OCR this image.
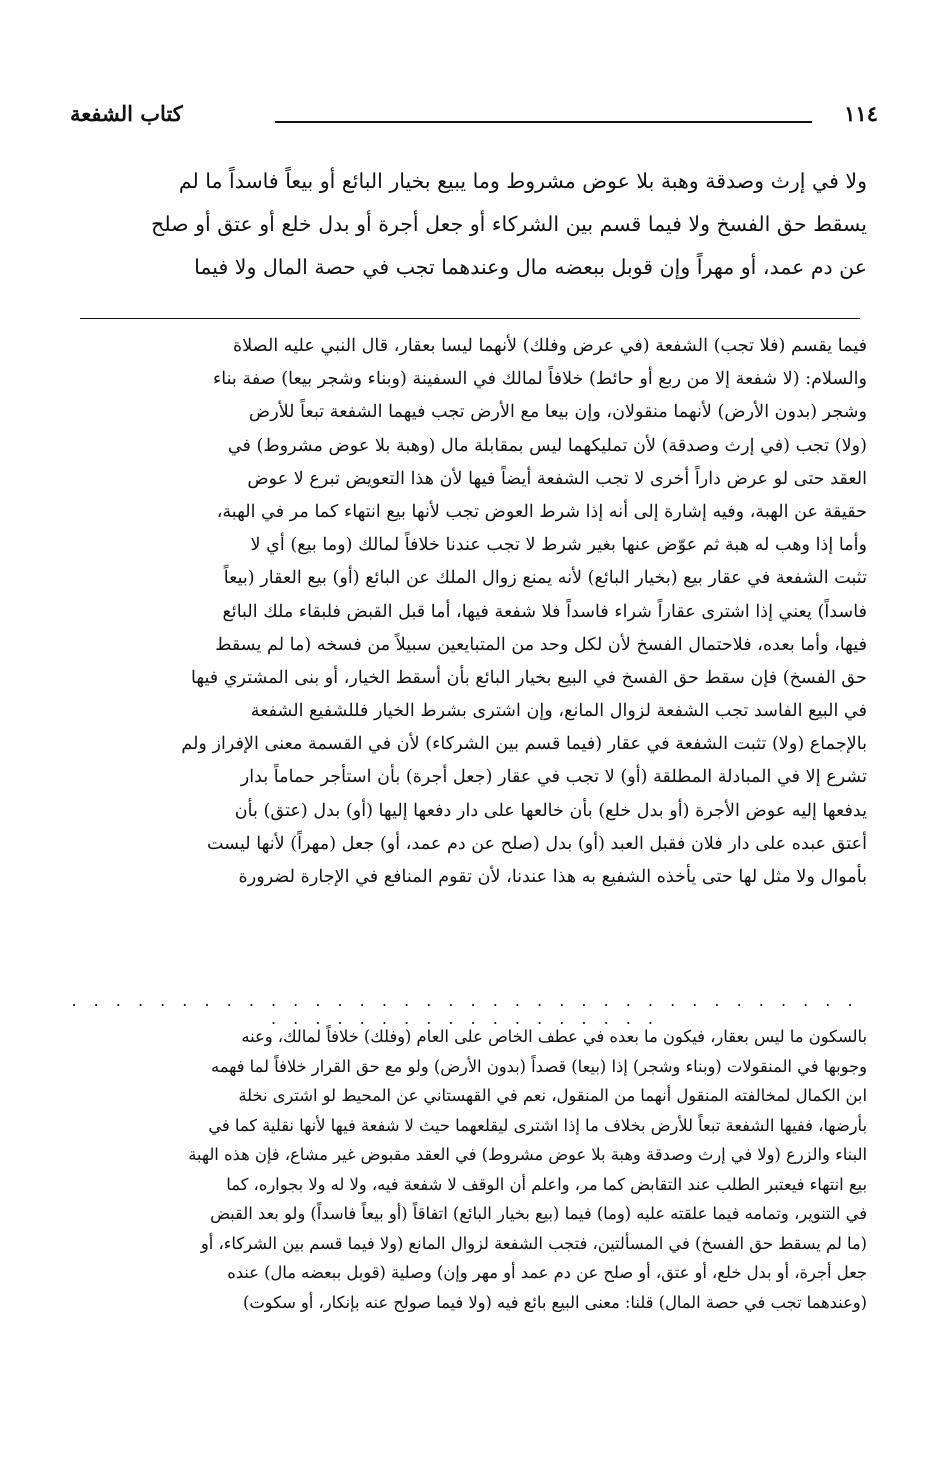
١١٤
كتاب الشفعة
ولا في إرث وصدقة وهبة بلا عوض مشروط وما يبيع بخيار البائع أو بيعاً فاسداً ما لم
يسقط حق الفسخ ولا فيما قسم بين الشركاء أو جعل أجرة أو بدل خلع أو عتق أو صلح
عن دم عمد، أو مهراً وإن قوبل ببعضه مال وعندهما تجب في حصة المال ولا فيما
فيما يقسم (فلا تجب) الشفعة (في عرض وفلك) لأنهما ليسا بعقار، قال النبي عليه الصلاة
والسلام: (لا شفعة إلا من ربع أو حائط) خلافاً لمالك في السفينة (وبناء وشجر بيعا) صفة بناء
وشجر (بدون الأرض) لأنهما منقولان، وإن بيعا مع الأرض تجب فيهما الشفعة تبعاً للأرض
(ولا) تجب (في إرث وصدقة) لأن تمليكهما ليس بمقابلة مال (وهبة بلا عوض مشروط) في
العقد حتى لو عرض داراً أخرى لا تجب الشفعة أيضاً فيها لأن هذا التعويض تبرع لا عوض
حقيقة عن الهبة، وفيه إشارة إلى أنه إذا شرط العوض تجب لأنها بيع انتهاء كما مر في الهبة،
وأما إذا وهب له هبة ثم عوّض عنها بغير شرط لا تجب عندنا خلافاً لمالك (وما بيع) أي لا
تثبت الشفعة في عقار بيع (بخيار البائع) لأنه يمنع زوال الملك عن البائع (أو) بيع العقار (بيعاً
فاسداً) يعني إذا اشترى عقاراً شراء فاسداً فلا شفعة فيها، أما قبل القبض فلبقاء ملك البائع
فيها، وأما بعده، فلاحتمال الفسخ لأن لكل وحد من المتبايعين سبيلاً من فسخه (ما لم يسقط
حق الفسخ) فإن سقط حق الفسخ في البيع بخيار البائع بأن أسقط الخيار، أو بنى المشتري فيها
في البيع الفاسد تجب الشفعة لزوال المانع، وإن اشترى بشرط الخيار فللشفيع الشفعة
بالإجماع (ولا) تثبت الشفعة في عقار (فيما قسم بين الشركاء) لأن في القسمة معنى الإفراز ولم
تشرع إلا في المبادلة المطلقة (أو) لا تجب في عقار (جعل أجرة) بأن استأجر حماماً بدار
يدفعها إليه عوض الأجرة (أو بدل خلع) بأن خالعها على دار دفعها إليها (أو) بدل (عتق) بأن
أعتق عبده على دار فلان فقبل العبد (أو) بدل (صلح عن دم عمد، أو) جعل (مهراً) لأنها ليست
بأموال ولا مثل لها حتى يأخذه الشفيع به هذا عندنا، لأن تقوم المنافع في الإجارة لضرورة
. . . . . . . . . . . . . . . . . . . . . . . . . . . . . . . . . . . . . . . . . . . . . . . . . . . . . .
بالسكون ما ليس بعقار، فيكون ما بعده في عطف الخاص على العام (وفلك) خلافاً لمالك، وعنه
وجوبها في المنقولات (وبناء وشجر) إذا (بيعا) قصداً (بدون الأرض) ولو مع حق القرار خلافاً لما فهمه
ابن الكمال لمخالفته المنقول أنهما من المنقول، نعم في القهستاني عن المحيط لو اشترى نخلة
بأرضها، ففيها الشفعة تبعاً للأرض بخلاف ما إذا اشترى ليقلعهما حيث لا شفعة فيها لأنها نقلية كما في
البناء والزرع (ولا في إرث وصدقة وهبة بلا عوض مشروط) في العقد مقبوض غير مشاع، فإن هذه الهبة
بيع انتهاء فيعتبر الطلب عند التقابض كما مر، واعلم أن الوقف لا شفعة فيه، ولا له ولا بجواره، كما
في التنوير، وتمامه فيما علقته عليه (وما) فيما (بيع بخيار البائع) اتفاقاً (أو بيعاً فاسداً) ولو بعد القبض
(ما لم يسقط حق الفسخ) في المسألتين، فتجب الشفعة لزوال المانع (ولا فيما قسم بين الشركاء، أو
جعل أجرة، أو بدل خلع، أو عتق، أو صلح عن دم عمد أو مهر وإن) وصلية (قوبل ببعضه مال) عنده
(وعندهما تجب في حصة المال) قلنا: معنى البيع بائع فيه (ولا فيما صولح عنه بإنكار، أو سكوت)
